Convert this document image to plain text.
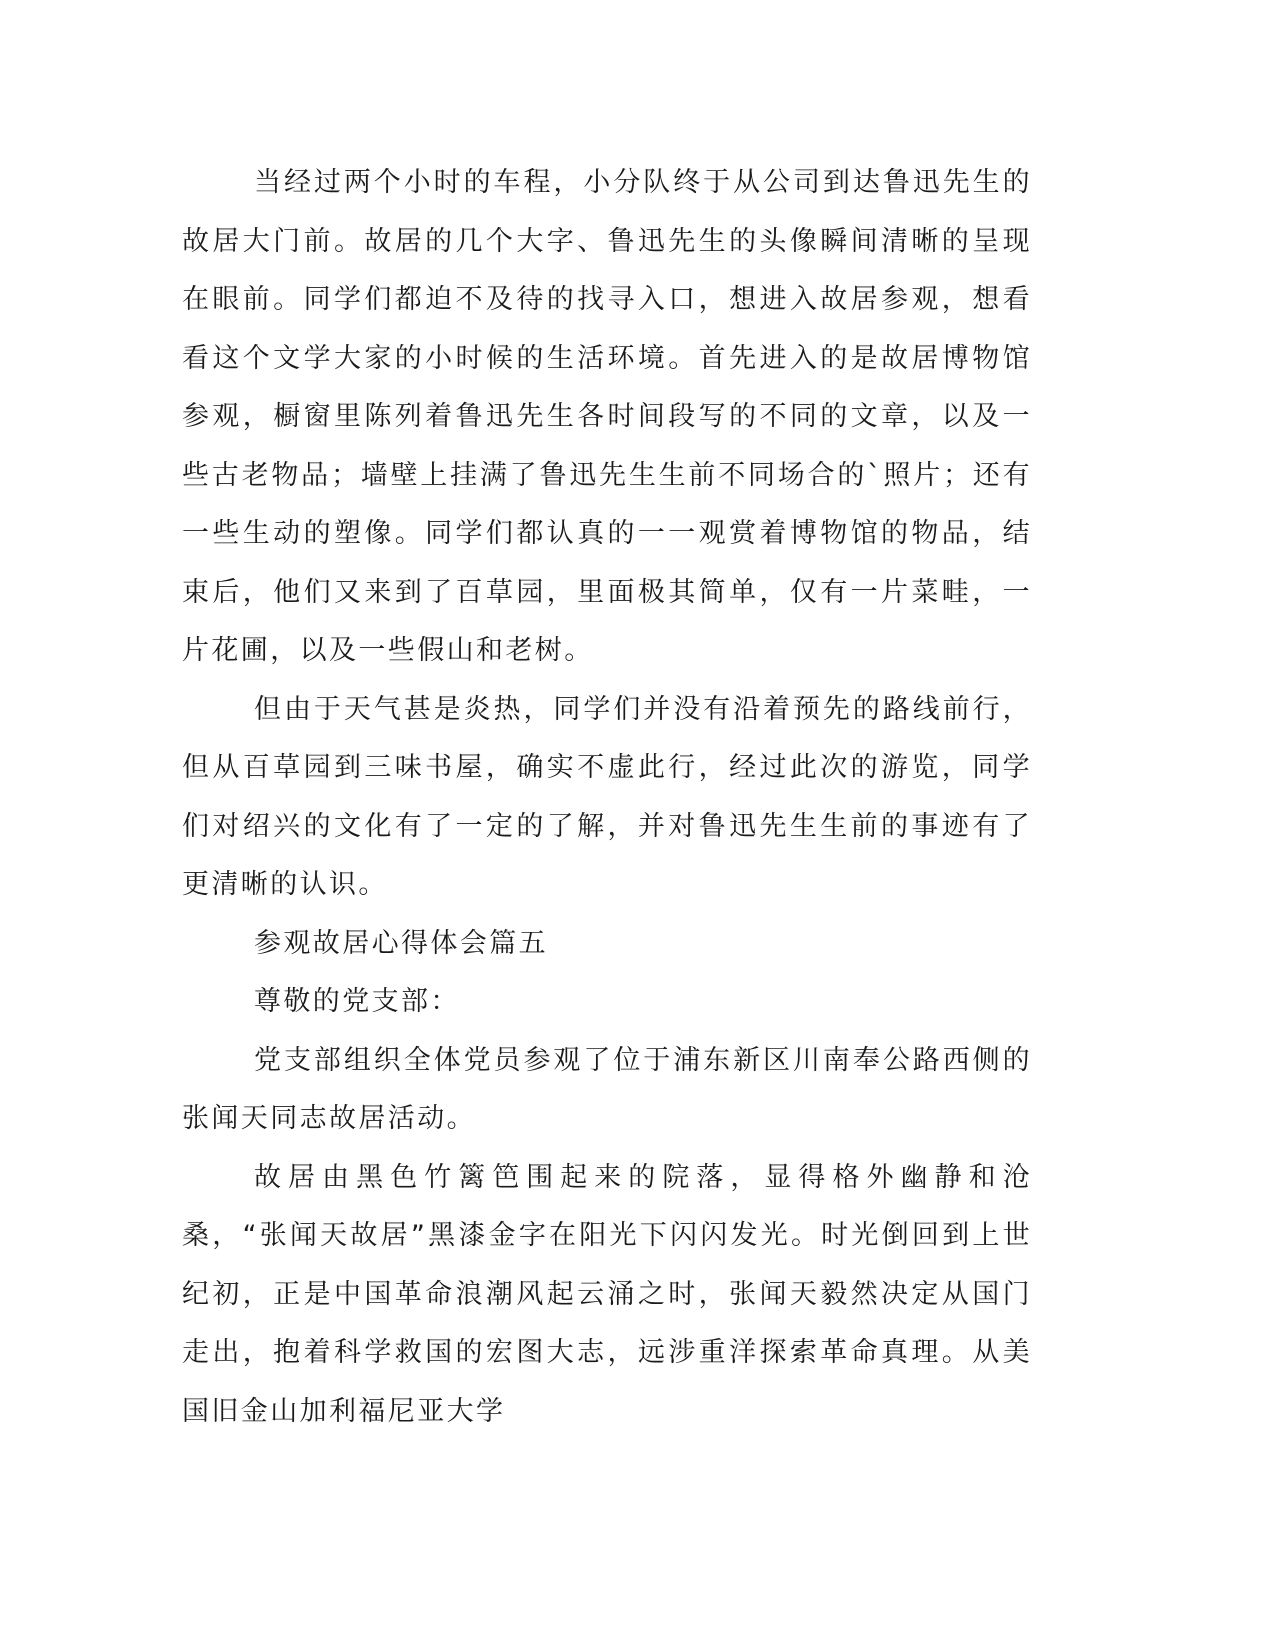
当经过两个小时的车程，小分队终于从公司到达鲁迅先生的故居大门前。故居的几个大字、鲁迅先生的头像瞬间清晰的呈现在眼前。同学们都迫不及待的找寻入口，想进入故居参观，想看看这个文学大家的小时候的生活环境。首先进入的是故居博物馆参观，橱窗里陈列着鲁迅先生各时间段写的不同的文章，以及一些古老物品；墙壁上挂满了鲁迅先生生前不同场合的`照片；还有一些生动的塑像。同学们都认真的一一观赏着博物馆的物品，结束后，他们又来到了百草园，里面极其简单，仅有一片菜畦，一片花圃，以及一些假山和老树。

但由于天气甚是炎热，同学们并没有沿着预先的路线前行，但从百草园到三味书屋，确实不虚此行，经过此次的游览，同学们对绍兴的文化有了一定的了解，并对鲁迅先生生前的事迹有了更清晰的认识。

参观故居心得体会篇五

尊敬的党支部：

党支部组织全体党员参观了位于浦东新区川南奉公路西侧的张闻天同志故居活动。

故居由黑色竹篱笆围起来的院落，显得格外幽静和沧桑，“张闻天故居”黑漆金字在阳光下闪闪发光。时光倒回到上世纪初，正是中国革命浪潮风起云涌之时，张闻天毅然决定从国门走出，抱着科学救国的宏图大志，远涉重洋探索革命真理。从美国旧金山加利福尼亚大学
